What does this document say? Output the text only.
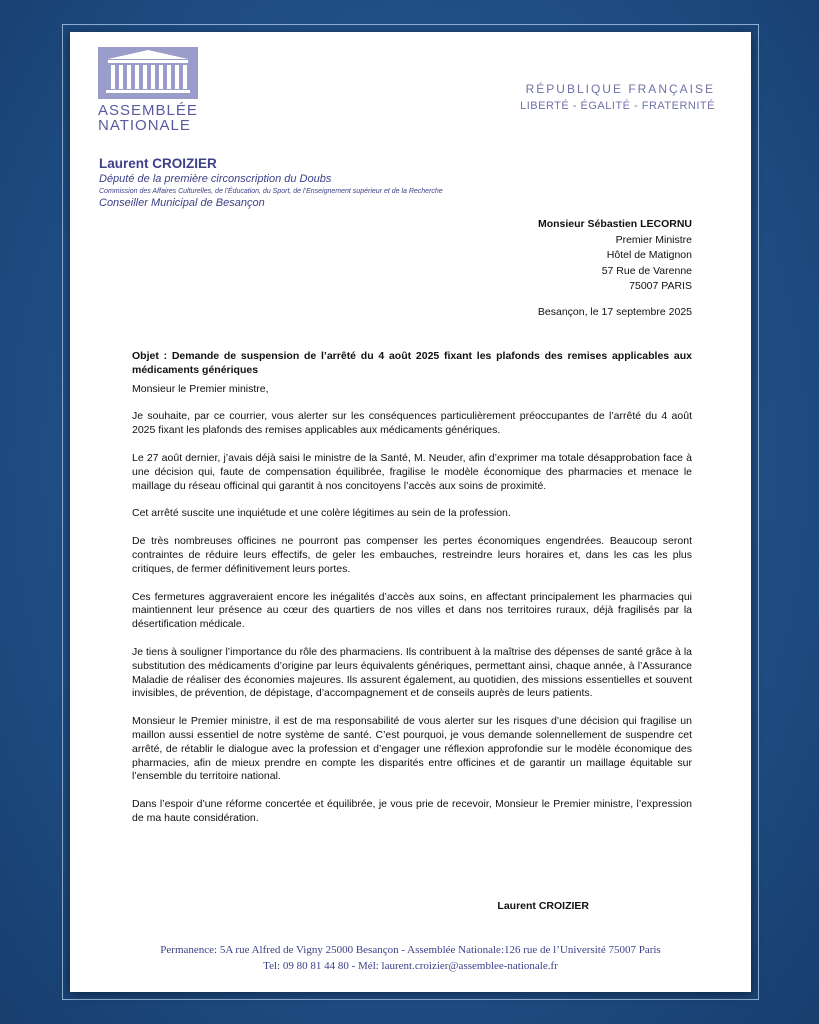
ASSEMBLÉE
NATIONALE
RÉPUBLIQUE FRANÇAISE
LIBERTÉ - ÉGALITÉ - FRATERNITÉ
Laurent CROIZIER
Député de la première circonscription du Doubs
Commission des Affaires Culturelles, de l’Éducation, du Sport, de l’Enseignement supérieur et de la Recherche
Conseiller Municipal de Besançon
Monsieur Sébastien LECORNU
Premier Ministre
Hôtel de Matignon
57 Rue de Varenne
75007 PARIS
Besançon, le 17 septembre 2025
Objet : Demande de suspension de l’arrêté du 4 août 2025 fixant les plafonds des remises applicables aux médicaments génériques
Monsieur le Premier ministre,
Je souhaite, par ce courrier, vous alerter sur les conséquences particulièrement préoccupantes de l’arrêté du 4 août 2025 fixant les plafonds des remises applicables aux médicaments génériques.
Le 27 août dernier, j’avais déjà saisi le ministre de la Santé, M. Neuder, afin d’exprimer ma totale désapprobation face à une décision qui, faute de compensation équilibrée, fragilise le modèle économique des pharmacies et menace le maillage du réseau officinal qui garantit à nos concitoyens l’accès aux soins de proximité.
Cet arrêté suscite une inquiétude et une colère légitimes au sein de la profession.
De très nombreuses officines ne pourront pas compenser les pertes économiques engendrées. Beaucoup seront contraintes de réduire leurs effectifs, de geler les embauches, restreindre leurs horaires et, dans les cas les plus critiques, de fermer définitivement leurs portes.
Ces fermetures aggraveraient encore les inégalités d’accès aux soins, en affectant principalement les pharmacies qui maintiennent leur présence au cœur des quartiers de nos villes et dans nos territoires ruraux, déjà fragilisés par la désertification médicale.
Je tiens à souligner l’importance du rôle des pharmaciens. Ils contribuent à la maîtrise des dépenses de santé grâce à la substitution des médicaments d’origine par leurs équivalents génériques, permettant ainsi, chaque année, à l’Assurance Maladie de réaliser des économies majeures. Ils assurent également, au quotidien, des missions essentielles et souvent invisibles, de prévention, de dépistage, d’accompagnement et de conseils auprès de leurs patients.
Monsieur le Premier ministre, il est de ma responsabilité de vous alerter sur les risques d’une décision qui fragilise un maillon aussi essentiel de notre système de santé. C’est pourquoi, je vous demande solennellement de suspendre cet arrêté, de rétablir le dialogue avec la profession et d’engager une réflexion approfondie sur le modèle économique des pharmacies, afin de mieux prendre en compte les disparités entre officines et de garantir un maillage équitable sur l’ensemble du territoire national.
Dans l’espoir d’une réforme concertée et équilibrée, je vous prie de recevoir, Monsieur le Premier ministre, l’expression de ma haute considération.
Laurent CROIZIER
Permanence: 5A rue Alfred de Vigny 25000 Besançon - Assemblée Nationale:126 rue de l’Université 75007 Paris
Tel: 09 80 81 44 80 - Mél: laurent.croizier@assemblee-nationale.fr
